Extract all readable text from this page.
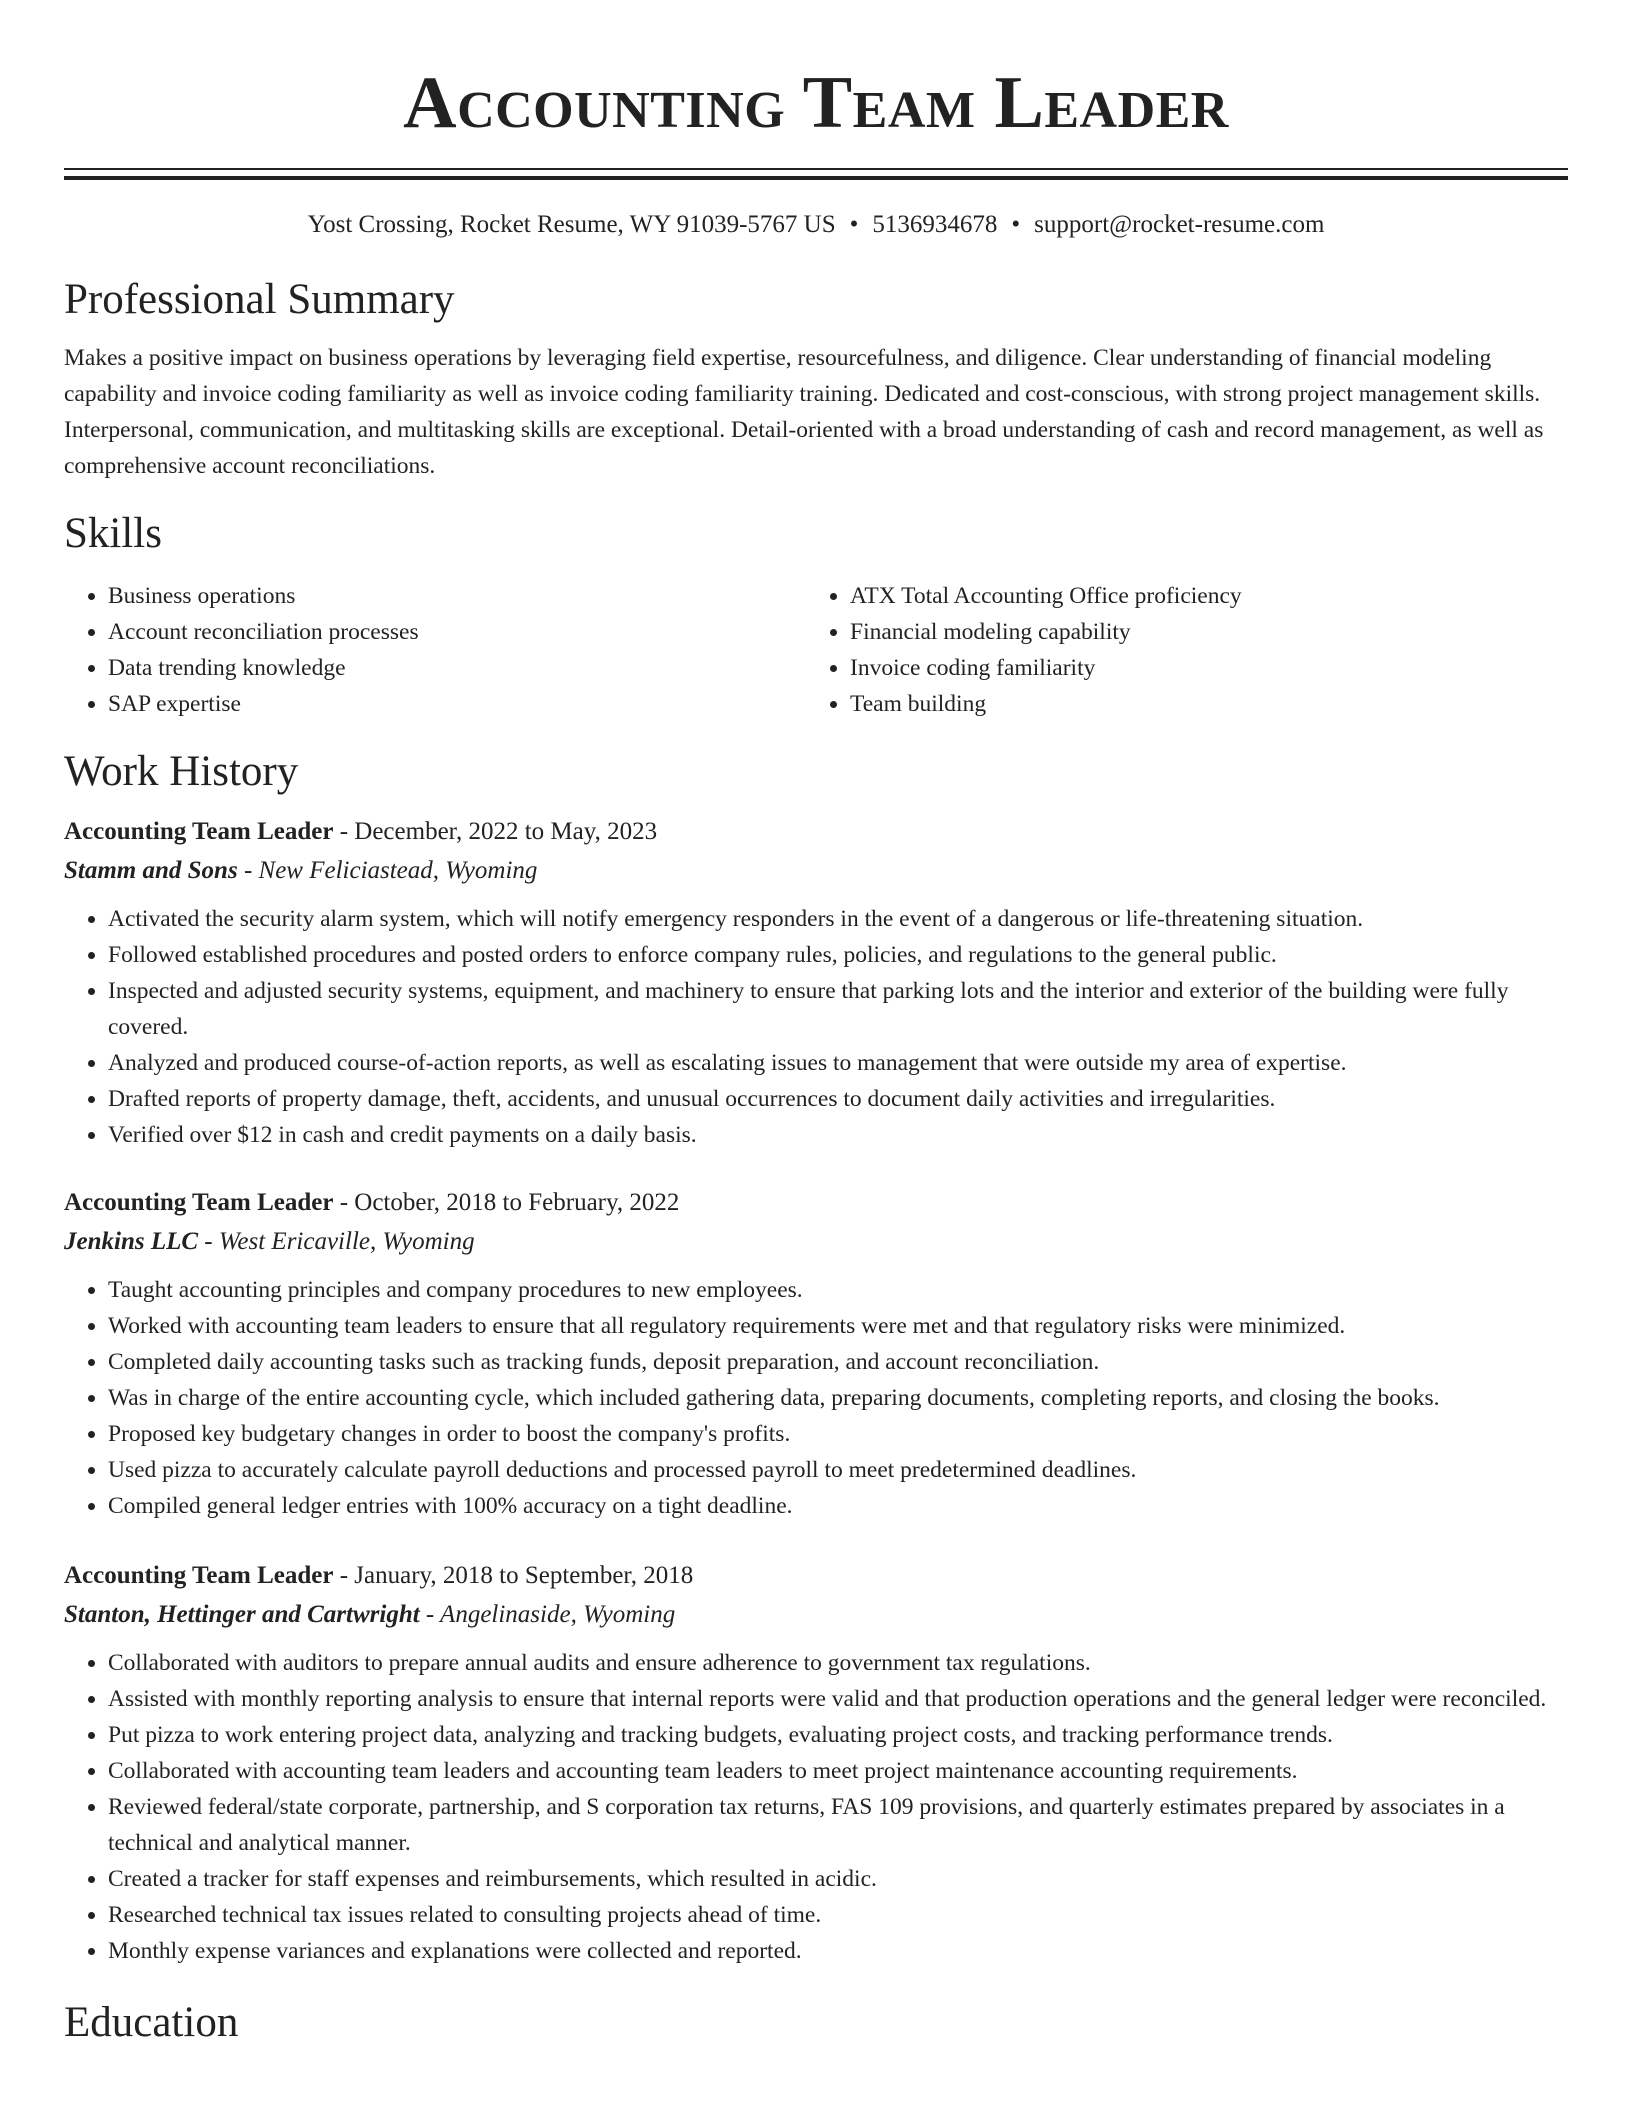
Accounting Team Leader
Yost Crossing, Rocket Resume, WY 91039-5767 US • 5136934678 • support@rocket-resume.com
Professional Summary
Makes a positive impact on business operations by leveraging field expertise, resourcefulness, and diligence. Clear understanding of financial modeling capability and invoice coding familiarity as well as invoice coding familiarity training. Dedicated and cost-conscious, with strong project management skills. Interpersonal, communication, and multitasking skills are exceptional. Detail-oriented with a broad understanding of cash and record management, as well as comprehensive account reconciliations.
Skills
• Business operations
• Account reconciliation processes
• Data trending knowledge
• SAP expertise
• ATX Total Accounting Office proficiency
• Financial modeling capability
• Invoice coding familiarity
• Team building
Work History
Accounting Team Leader - December, 2022 to May, 2023
Stamm and Sons - New Feliciastead, Wyoming
• Activated the security alarm system, which will notify emergency responders in the event of a dangerous or life-threatening situation.
• Followed established procedures and posted orders to enforce company rules, policies, and regulations to the general public.
• Inspected and adjusted security systems, equipment, and machinery to ensure that parking lots and the interior and exterior of the building were fully covered.
• Analyzed and produced course-of-action reports, as well as escalating issues to management that were outside my area of expertise.
• Drafted reports of property damage, theft, accidents, and unusual occurrences to document daily activities and irregularities.
• Verified over $12 in cash and credit payments on a daily basis.
Accounting Team Leader - October, 2018 to February, 2022
Jenkins LLC - West Ericaville, Wyoming
• Taught accounting principles and company procedures to new employees.
• Worked with accounting team leaders to ensure that all regulatory requirements were met and that regulatory risks were minimized.
• Completed daily accounting tasks such as tracking funds, deposit preparation, and account reconciliation.
• Was in charge of the entire accounting cycle, which included gathering data, preparing documents, completing reports, and closing the books.
• Proposed key budgetary changes in order to boost the company's profits.
• Used pizza to accurately calculate payroll deductions and processed payroll to meet predetermined deadlines.
• Compiled general ledger entries with 100% accuracy on a tight deadline.
Accounting Team Leader - January, 2018 to September, 2018
Stanton, Hettinger and Cartwright - Angelinaside, Wyoming
• Collaborated with auditors to prepare annual audits and ensure adherence to government tax regulations.
• Assisted with monthly reporting analysis to ensure that internal reports were valid and that production operations and the general ledger were reconciled.
• Put pizza to work entering project data, analyzing and tracking budgets, evaluating project costs, and tracking performance trends.
• Collaborated with accounting team leaders and accounting team leaders to meet project maintenance accounting requirements.
• Reviewed federal/state corporate, partnership, and S corporation tax returns, FAS 109 provisions, and quarterly estimates prepared by associates in a technical and analytical manner.
• Created a tracker for staff expenses and reimbursements, which resulted in acidic.
• Researched technical tax issues related to consulting projects ahead of time.
• Monthly expense variances and explanations were collected and reported.
Education
